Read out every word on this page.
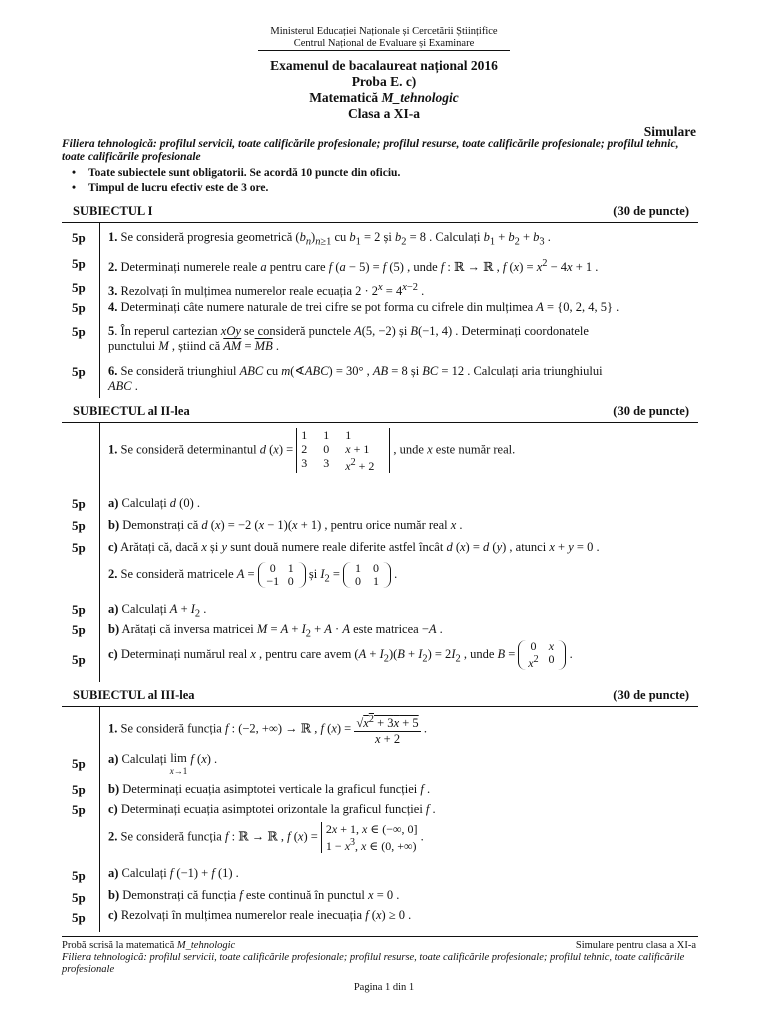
Ministerul Educației Naționale și Cercetării Științifice
Centrul Național de Evaluare și Examinare
Examenul de bacalaureat național 2016
Proba E. c)
Matematică M_tehnologic
Clasa a XI-a
Simulare
Filiera tehnologică: profilul servicii, toate calificările profesionale; profilul resurse, toate calificările profesionale; profilul tehnic, toate calificările profesionale
• Toate subiectele sunt obligatorii. Se acordă 10 puncte din oficiu.
• Timpul de lucru efectiv este de 3 ore.
SUBIECTUL I	(30 de puncte)
5p 1. Se consideră progresia geometrică $(b_n)_{n\ge 1}$ cu $b_1 = 2$ și $b_2 = 8$ . Calculați $b_1 + b_2 + b_3$ .
5p 2. Determinați numerele reale a pentru care f (a − 5) = f (5) , unde f : ℝ → ℝ , f $(x) = x^2 - 4x + 1$ .
5p 3. Rezolvați în mulțimea numerelor reale ecuația $2 \cdot 2^x = 4^{x-2}$ .
5p 4. Determinați câte numere naturale de trei cifre se pot forma cu cifrele din mulțimea A = {0, 2, 4, 5} .
5p 5. În reperul cartezian xOy se consideră punctele A(5, −2) și B(−1, 4) . Determinați coordonatele
punctului M , știind că $\overline{AM} = \overline{MB}$ .
5p 6. Se consideră triunghiul ABC cu m(∢ABC) = 30° , AB = 8 și BC = 12 . Calculați aria triunghiului
ABC .
SUBIECTUL al II-lea	(30 de puncte)
1. Se consideră determinantul d (x) =
1	1	1
2	0	x + 1
3	3	$x^2 + 2$
, unde x este număr real.
5p a) Calculați d (0) .
5p b) Demonstrați că d (x) = −2 (x − 1)(x + 1) , pentru orice număr real x .
5p c) Arătați că, dacă x și y sunt două numere reale diferite astfel încât d (x) = d (y) , atunci x + y = 0 .
2. Se consideră matricele A =	0	1
−1 0
și $I_2$ =	1	0
0	1
.
5p a) Calculați $A + I_2$ .
5p b) Arătați că inversa matricei $M = A + I_2 + A \cdot A$ este matricea −A .
5p c) Determinați numărul real x , pentru care avem $(A + I_2)(B + I_2) = 2I_2$ , unde B =
0	x
$x^2$ 0 .
SUBIECTUL al III-lea	(30 de puncte)
1. Se consideră funcția f : (−2, +∞) → ℝ , f $(x) = \frac{√x^2 + 3x + 5}{x + 2}$ .
5p a) Calculați lim
x→1 f (x) .
5p b) Determinați ecuația asimptotei verticale la graficul funcției f .
5p c) Determinați ecuația asimptotei orizontale la graficul funcției f .
2. Se consideră funcția f : ℝ → ℝ , f (x) = 2x + 1, x ∈ (−∞, 0]
$1 - x^3$, x ∈ (0, +∞) .
5p a) Calculați f (−1) + f (1) .
5p b) Demonstrați că funcția f este continuă în punctul x = 0 .
5p c) Rezolvați în mulțimea numerelor reale inecuația f (x) ≥ 0 .
Probă scrisă la matematică M_tehnologic	Simulare pentru clasa a XI-a
Filiera tehnologică: profilul servicii, toate calificările profesionale; profilul resurse, toate calificările profesionale; profilul tehnic, toate calificările profesionale
Pagina 1 din 1
